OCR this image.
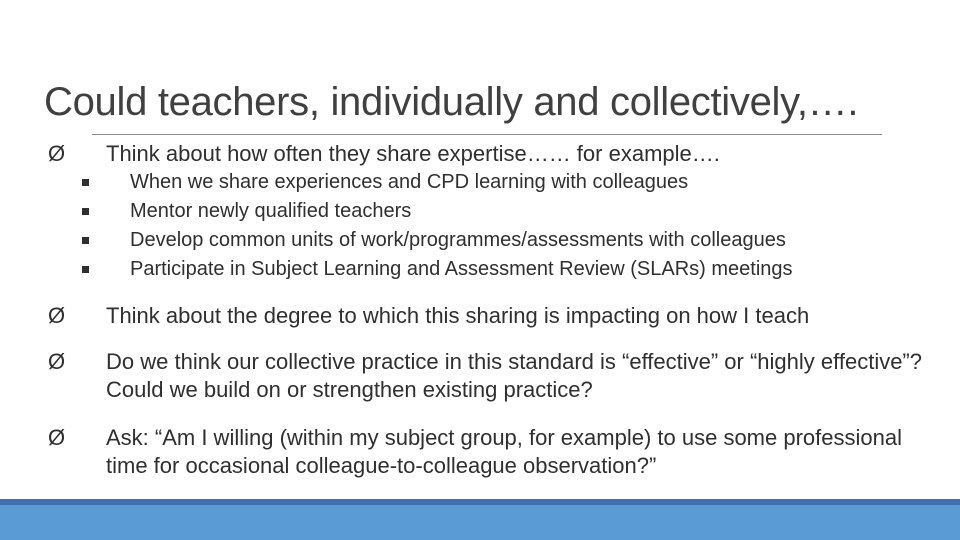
Could teachers, individually and collectively,….
Ø	Think about how often they share expertise…… for example….
When we share experiences and CPD learning with colleagues
Mentor newly qualified teachers
Develop common units of work/programmes/assessments with colleagues
Participate in Subject Learning and Assessment Review (SLARs) meetings
Ø	Think about the degree to which this sharing is impacting on how I teach
Ø	Do we think our collective practice in this standard is “effective” or “highly effective”? Could we build on or strengthen existing practice?
Ø	Ask: “Am I willing (within my subject group, for example) to use some professional time for occasional colleague-to-colleague observation?”
